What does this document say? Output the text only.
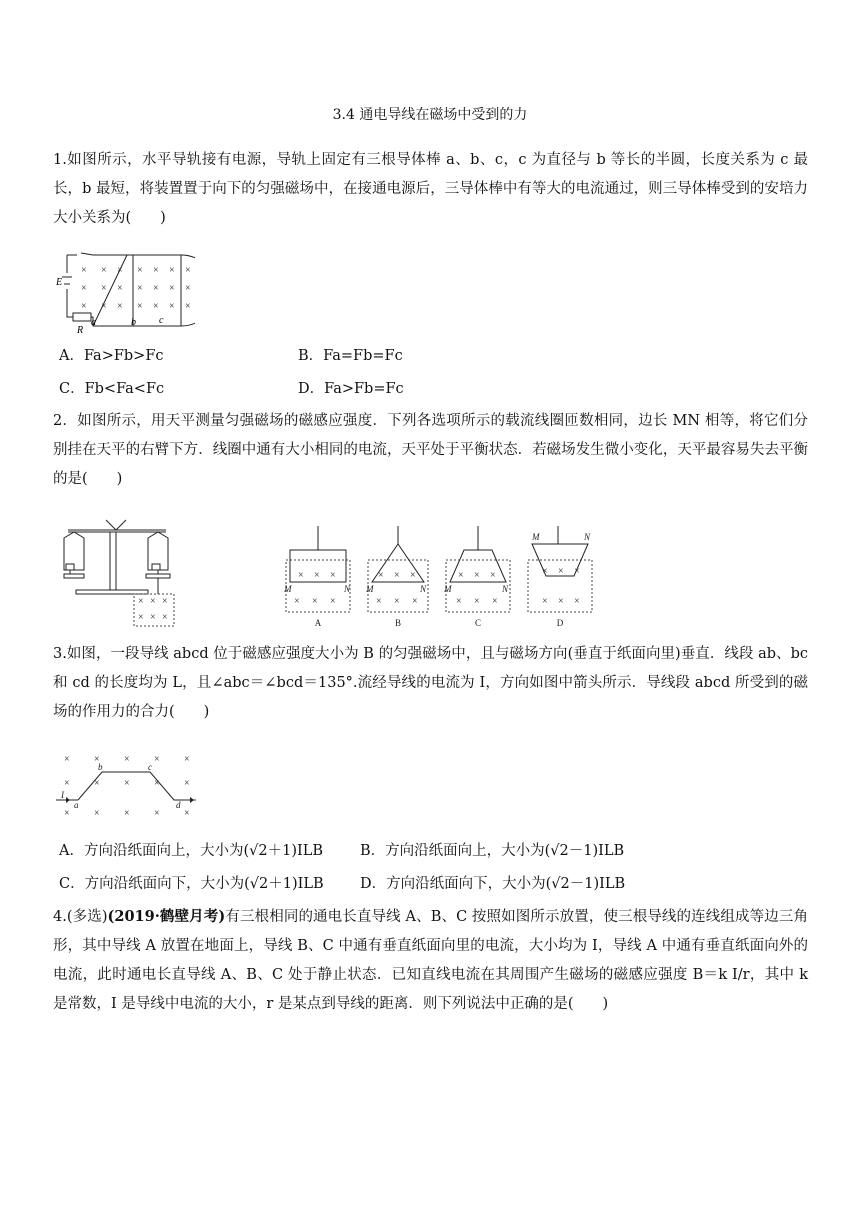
3.4 通电导线在磁场中受到的力
1.如图所示，水平导轨接有电源，导轨上固定有三根导体棒 a、b、c，c 为直径与 b 等长的半圆，长度关系为 c 最长，b 最短，将装置置于向下的匀强磁场中，在接通电源后，三导体棒中有等大的电流通过，则三导体棒受到的安培力大小关系为(　　)
× × × × × × ×
× × × × × × ×
× × × × × × ×
E
R
a	b c
A．Fa>Fb>Fc	B．Fa=Fb=Fc
C．Fb<Fa<Fc	D．Fa>Fb=Fc
2．如图所示，用天平测量匀强磁场的磁感应强度．下列各选项所示的载流线圈匝数相同，边长 MN 相等，将它们分别挂在天平的右臂下方．线圈中通有大小相同的电流，天平处于平衡状态．若磁场发生微小变化，天平最容易失去平衡的是(　　)
× × ×
× × ×
× × ×
× × ×
× × ×
× × ×
× × ×
× × ×
× × ×
× × ×
M	N M	N M	N
M	N
A	B	C	D
3.如图，一段导线 abcd 位于磁感应强度大小为 B 的匀强磁场中，且与磁场方向(垂直于纸面向里)垂直．线段 ab、bc 和 cd 的长度均为 L，且∠abc＝∠bcd＝135°.流经导线的电流为 I，方向如图中箭头所示．导线段 abcd 所受到的磁场的作用力的合力(　　)
× × × × ×
× × × × ×
× × × × ×
I
a
b	c
d
A．方向沿纸面向上，大小为(√2＋1)ILB	B．方向沿纸面向上，大小为(√2－1)ILB
C．方向沿纸面向下，大小为(√2＋1)ILB	D．方向沿纸面向下，大小为(√2－1)ILB
4.(多选)(2019·鹤壁月考)有三根相同的通电长直导线 A、B、C 按照如图所示放置，使三根导线的连线组成等边三角形，其中导线 A 放置在地面上，导线 B、C 中通有垂直纸面向里的电流，大小均为 I，导线 A 中通有垂直纸面向外的电流，此时通电长直导线 A、B、C 处于静止状态．已知直线电流在其周围产生磁场的磁感应强度 B＝k I/r，其中 k 是常数，I 是导线中电流的大小，r 是某点到导线的距离．则下列说法中正确的是(　　)
